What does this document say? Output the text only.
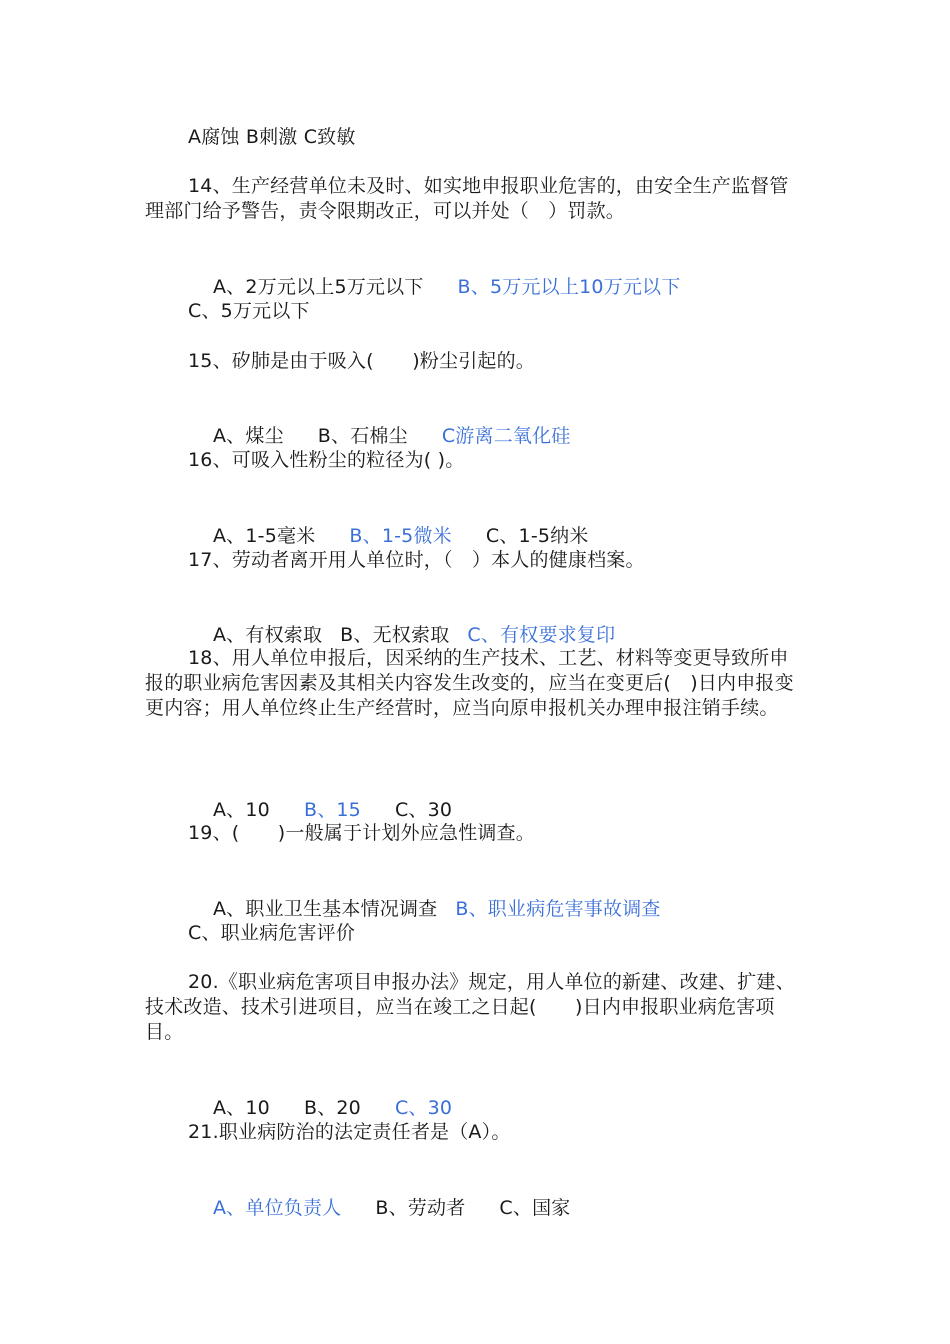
A腐蚀 B刺激 C致敏
14、生产经营单位未及时、如实地申报职业危害的，由安全生产监督管理部门给予警告，责令限期改正，可以并处（　）罚款。

A、2万元以上5万元以下 B、5万元以上10万元以下

C、5万元以下
15、矽肺是由于吸入(　　)粉尘引起的。

A、煤尘 B、石棉尘 C游离二氧化硅

16、可吸入性粉尘的粒径为( )。

A、1-5毫米 B、1-5微米 C、1-5纳米

17、劳动者离开用人单位时，（　）本人的健康档案。

A、有权索取 B、无权索取 C、有权要求复印

18、用人单位申报后，因采纳的生产技术、工艺、材料等变更导致所申报的职业病危害因素及其相关内容发生改变的，应当在变更后(　)日内申报变更内容；用人单位终止生产经营时，应当向原申报机关办理申报注销手续。

A、10 B、15 C、30

19、(　　)一般属于计划外应急性调查。

A、职业卫生基本情况调查 B、职业病危害事故调查

C、职业病危害评价
20.《职业病危害项目申报办法》规定，用人单位的新建、改建、扩建、技术改造、技术引进项目，应当在竣工之日起(　　)日内申报职业病危害项目。

A、10 B、20 C、30

21.职业病防治的法定责任者是（A）。

A、单位负责人 B、劳动者 C、国家
